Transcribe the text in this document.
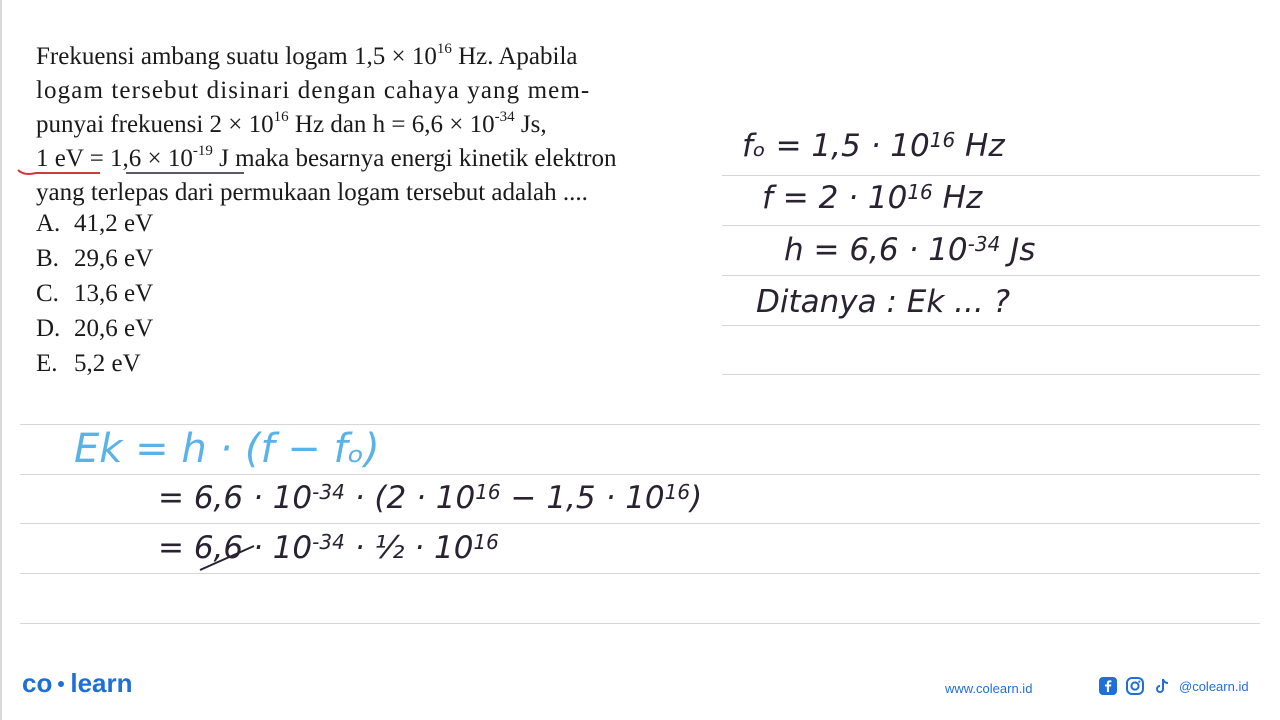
Frekuensi ambang suatu logam $1,5 \times 10^{16}$ Hz. Apabila
logam tersebut disinari dengan cahaya yang mem-
punyai frekuensi $2 \times 10^{16}$ Hz dan $h = 6,6 \times 10^{-34}$ Js,
1 eV = $1,6 \times 10^{-19}$ J maka besarnya energi kinetik elektron
yang terlepas dari permukaan logam tersebut adalah ....
A. 41,2 eV
B. 29,6 eV
C. 13,6 eV
D. 20,6 eV
E. 5,2 eV
$f_o = 1,5 \cdot 10^{16}$ Hz
$f = 2 \cdot 10^{16}$ Hz
$h = 6,6 \cdot 10^{-34}$ Js
Ditanya : Ek ... ?
Ek = h · (f − fₒ)
= $6,6 \cdot 10^{-34} \cdot (2 \cdot 10^{16} - 1,5 \cdot 10^{16})$
= $6,6 \cdot 10^{-34}$ · ½ · $10^{16}$
co learn	www.colearn.id	@colearn.id
